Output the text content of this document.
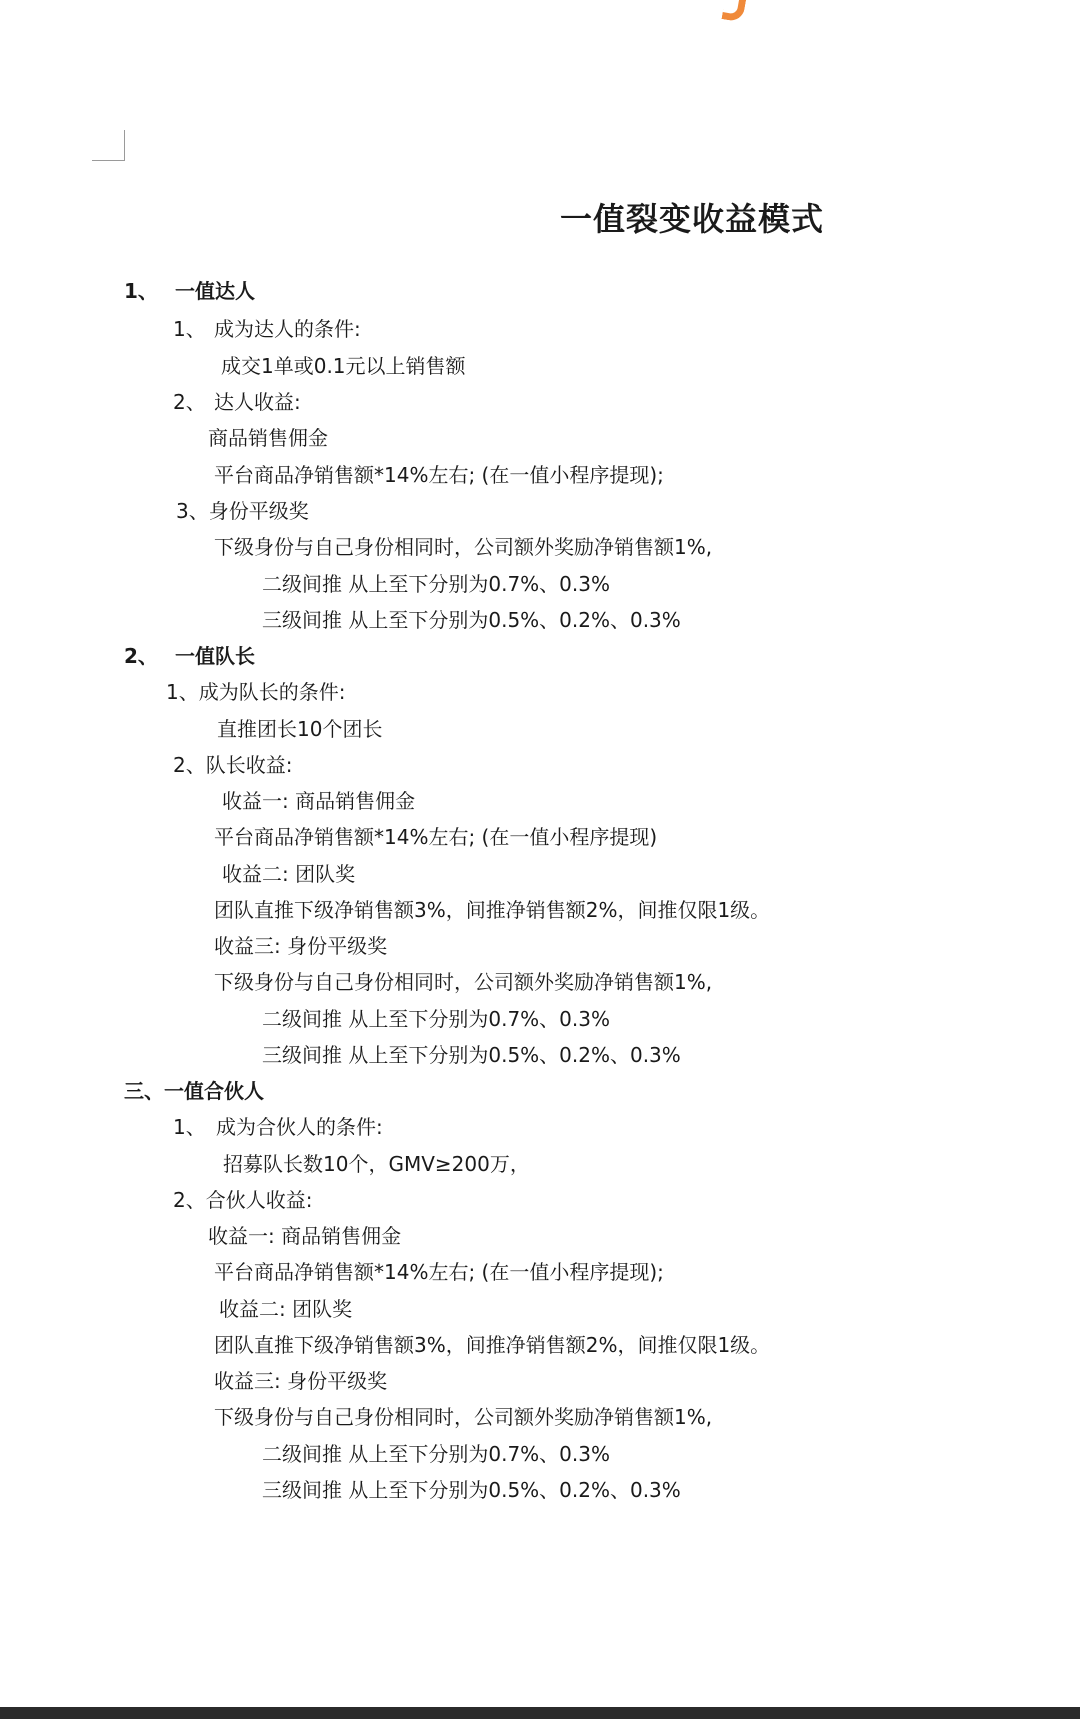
一值裂变收益模式
1、 一值达人
1、 成为达人的条件:
成交1单或0.1元以上销售额
2、 达人收益:
商品销售佣金
平台商品净销售额*14%左右; (在一值小程序提现);
3、身份平级奖
下级身份与自己身份相同时，公司额外奖励净销售额1%,
二级间推 从上至下分别为0.7%、0.3%
三级间推 从上至下分别为0.5%、0.2%、0.3%
2、 一值队长
1、成为队长的条件:
直推团长10个团长
2、队长收益:
收益一: 商品销售佣金
平台商品净销售额*14%左右; (在一值小程序提现)
收益二: 团队奖
团队直推下级净销售额3%，间推净销售额2%，间推仅限1级。
收益三: 身份平级奖
下级身份与自己身份相同时，公司额外奖励净销售额1%,
二级间推 从上至下分别为0.7%、0.3%
三级间推 从上至下分别为0.5%、0.2%、0.3%
三、一值合伙人
1、 成为合伙人的条件:
招募队长数10个，GMV≥200万，
2、合伙人收益:
收益一: 商品销售佣金
平台商品净销售额*14%左右; (在一值小程序提现);
收益二: 团队奖
团队直推下级净销售额3%，间推净销售额2%，间推仅限1级。
收益三: 身份平级奖
下级身份与自己身份相同时，公司额外奖励净销售额1%,
二级间推 从上至下分别为0.7%、0.3%
三级间推 从上至下分别为0.5%、0.2%、0.3%
